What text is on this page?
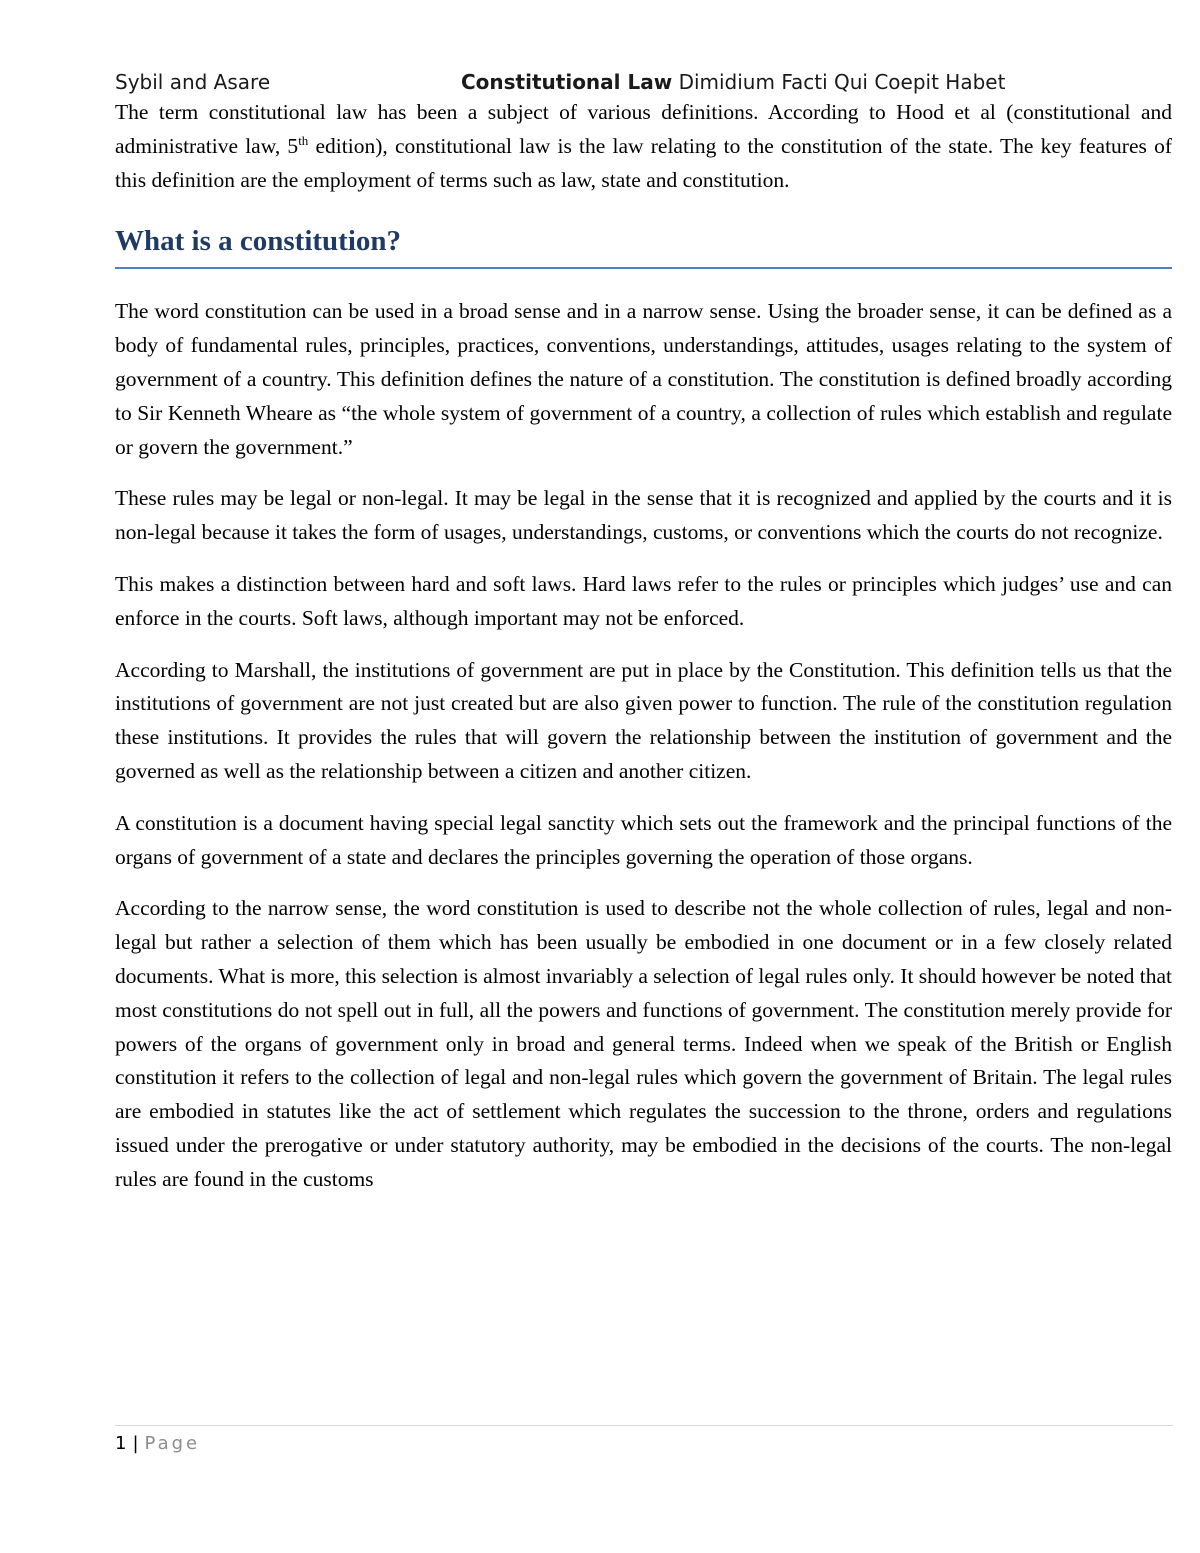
Sybil and Asare	Constitutional Law Dimidium Facti Qui Coepit Habet

The term constitutional law has been a subject of various definitions. According to Hood et al (constitutional and administrative law, 5th edition), constitutional law is the law relating to the constitution of the state. The key features of this definition are the employment of terms such as law, state and constitution.

What is a constitution?

The word constitution can be used in a broad sense and in a narrow sense. Using the broader sense, it can be defined as a body of fundamental rules, principles, practices, conventions, understandings, attitudes, usages relating to the system of government of a country. This definition defines the nature of a constitution. The constitution is defined broadly according to Sir Kenneth Wheare as “the whole system of government of a country, a collection of rules which establish and regulate or govern the government.”

These rules may be legal or non-legal. It may be legal in the sense that it is recognized and applied by the courts and it is non-legal because it takes the form of usages, understandings, customs, or conventions which the courts do not recognize.

This makes a distinction between hard and soft laws. Hard laws refer to the rules or principles which judges’ use and can enforce in the courts. Soft laws, although important may not be enforced.

According to Marshall, the institutions of government are put in place by the Constitution. This definition tells us that the institutions of government are not just created but are also given power to function. The rule of the constitution regulation these institutions. It provides the rules that will govern the relationship between the institution of government and the governed as well as the relationship between a citizen and another citizen.

A constitution is a document having special legal sanctity which sets out the framework and the principal functions of the organs of government of a state and declares the principles governing the operation of those organs.

According to the narrow sense, the word constitution is used to describe not the whole collection of rules, legal and non-legal but rather a selection of them which has been usually be embodied in one document or in a few closely related documents. What is more, this selection is almost invariably a selection of legal rules only. It should however be noted that most constitutions do not spell out in full, all the powers and functions of government. The constitution merely provide for powers of the organs of government only in broad and general terms. Indeed when we speak of the British or English constitution it refers to the collection of legal and non-legal rules which govern the government of Britain. The legal rules are embodied in statutes like the act of settlement which regulates the succession to the throne, orders and regulations issued under the prerogative or under statutory authority, may be embodied in the decisions of the courts. The non-legal rules are found in the customs

1 | Page
